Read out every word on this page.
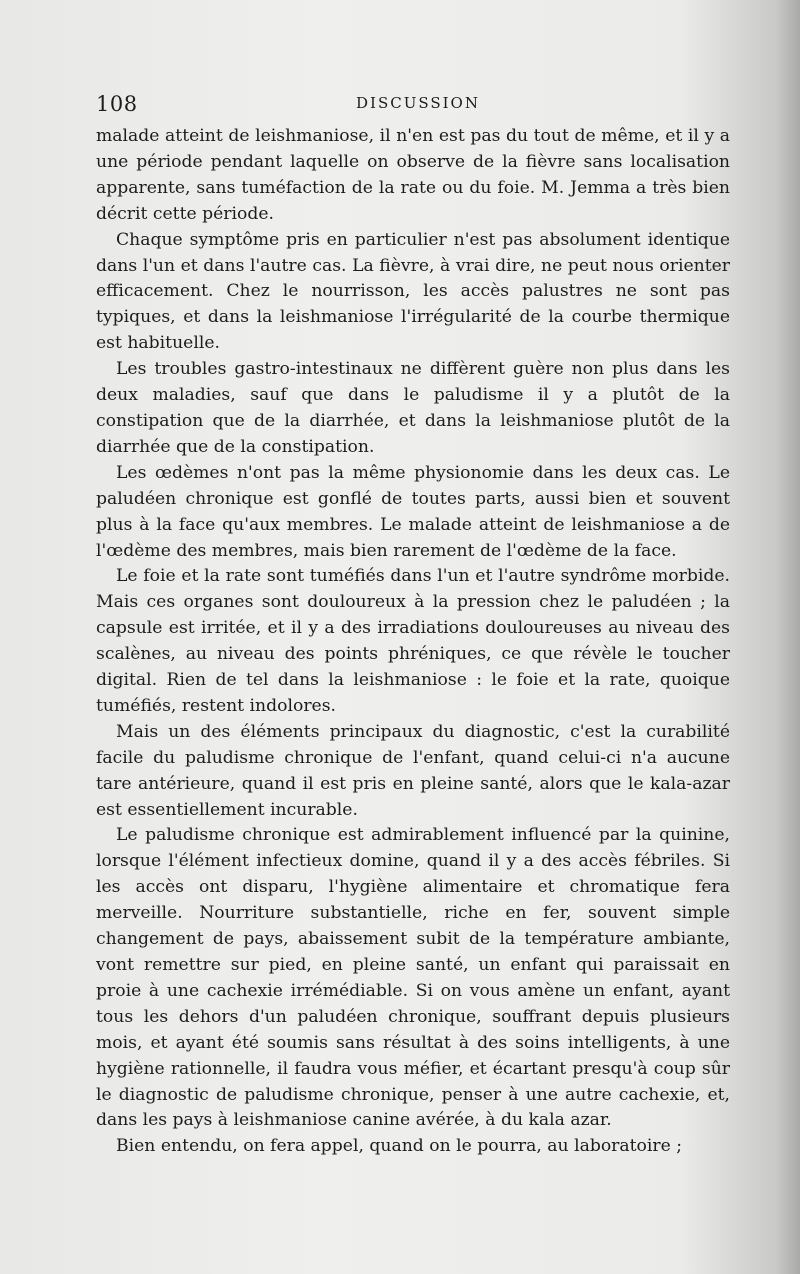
108	DISCUSSION

malade atteint de leishmaniose, il n'en est pas du tout de même, et il y a une période pendant laquelle on observe de la fièvre sans localisation apparente, sans tuméfaction de la rate ou du foie. M. Jemma a très bien décrit cette période.

Chaque symptôme pris en particulier n'est pas absolument identique dans l'un et dans l'autre cas. La fièvre, à vrai dire, ne peut nous orienter efficacement. Chez le nourrisson, les accès palustres ne sont pas typiques, et dans la leishmaniose l'irrégularité de la courbe thermique est habituelle.

Les troubles gastro-intestinaux ne diffèrent guère non plus dans les deux maladies, sauf que dans le paludisme il y a plutôt de la constipation que de la diarrhée, et dans la leishmaniose plutôt de la diarrhée que de la constipation.

Les œdèmes n'ont pas la même physionomie dans les deux cas. Le paludéen chronique est gonflé de toutes parts, aussi bien et souvent plus à la face qu'aux membres. Le malade atteint de leishmaniose a de l'œdème des membres, mais bien rarement de l'œdème de la face.

Le foie et la rate sont tuméfiés dans l'un et l'autre syndrôme morbide. Mais ces organes sont douloureux à la pression chez le paludéen ; la capsule est irritée, et il y a des irradiations douloureuses au niveau des scalènes, au niveau des points phréniques, ce que révèle le toucher digital. Rien de tel dans la leishmaniose : le foie et la rate, quoique tuméfiés, restent indolores.

Mais un des éléments principaux du diagnostic, c'est la curabilité facile du paludisme chronique de l'enfant, quand celui-ci n'a aucune tare antérieure, quand il est pris en pleine santé, alors que le kala-azar est essentiellement incurable.

Le paludisme chronique est admirablement influencé par la quinine, lorsque l'élément infectieux domine, quand il y a des accès fébriles. Si les accès ont disparu, l'hygiène alimentaire et chromatique fera merveille. Nourriture substantielle, riche en fer, souvent simple changement de pays, abaissement subit de la température ambiante, vont remettre sur pied, en pleine santé, un enfant qui paraissait en proie à une cachexie irrémédiable. Si on vous amène un enfant, ayant tous les dehors d'un paludéen chronique, souffrant depuis plusieurs mois, et ayant été soumis sans résultat à des soins intelligents, à une hygiène rationnelle, il faudra vous méfier, et écartant presqu'à coup sûr le diagnostic de paludisme chronique, penser à une autre cachexie, et, dans les pays à leishmaniose canine avérée, à du kala azar.

Bien entendu, on fera appel, quand on le pourra, au laboratoire ;
